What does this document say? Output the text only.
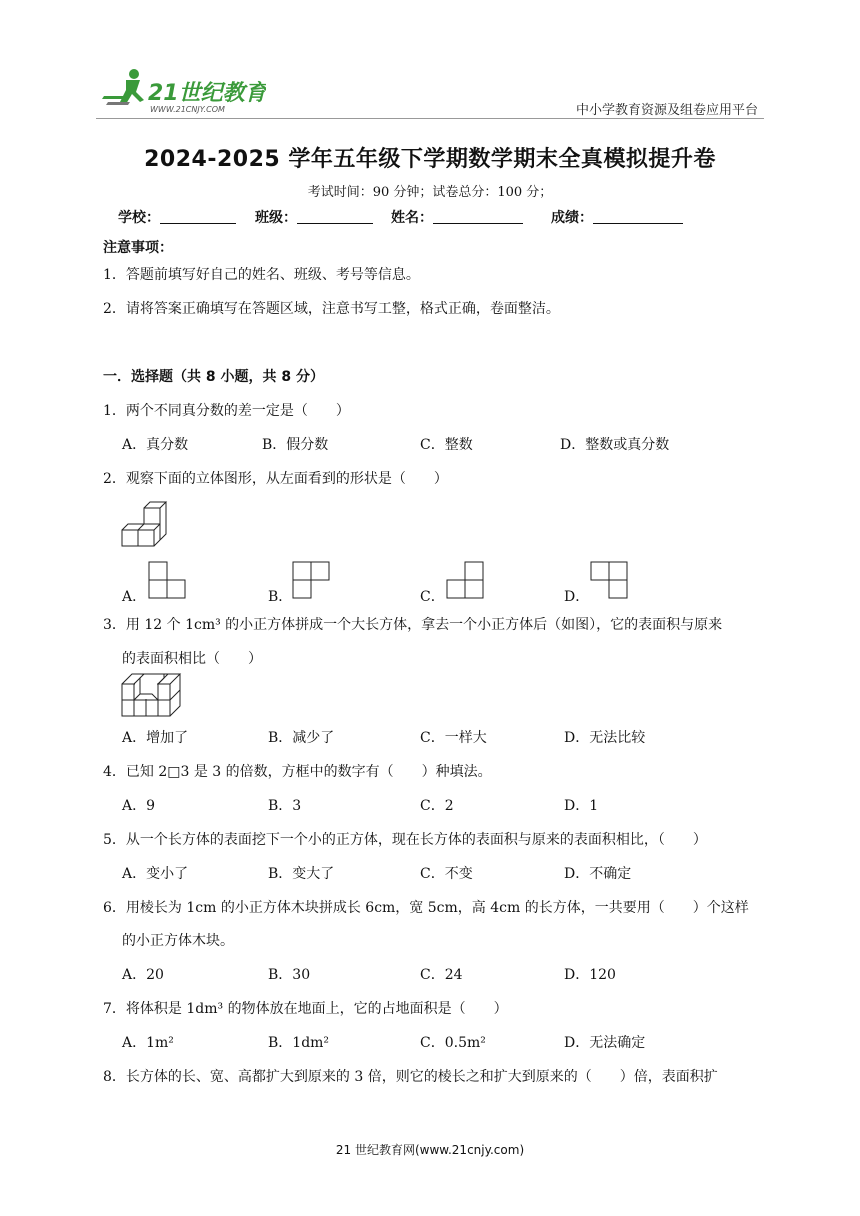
21世纪教育
WWW.21CNJY.COM	中小学教育资源及组卷应用平台
2024-2025 学年五年级下学期数学期末全真模拟提升卷
考试时间：90 分钟；试卷总分：100 分；
学校：	班级：	姓名：	成绩：
注意事项：
1．答题前填写好自己的姓名、班级、考号等信息。
2．请将答案正确填写在答题区域，注意书写工整，格式正确，卷面整洁。
一．选择题（共 8 小题，共 8 分）
1．两个不同真分数的差一定是（　　）
A．真分数	B．假分数	C．整数	D．整数或真分数
2．观察下面的立体图形，从左面看到的形状是（　　）
A．	B．	C．	D．
3．用 12 个 1cm³ 的小正方体拼成一个大长方体，拿去一个小正方体后（如图），它的表面积与原来
的表面积相比（　　）
A．增加了	B．减少了	C．一样大	D．无法比较
4．已知 2□3 是 3 的倍数，方框中的数字有（　　）种填法。
A．9	B．3	C．2	D．1
5．从一个长方体的表面挖下一个小的正方体，现在长方体的表面积与原来的表面积相比，（　　）
A．变小了	B．变大了	C．不变	D．不确定
6．用棱长为 1cm 的小正方体木块拼成长 6cm，宽 5cm，高 4cm 的长方体，一共要用（　　）个这样
的小正方体木块。
A．20	B．30	C．24	D．120
7．将体积是 1dm³ 的物体放在地面上，它的占地面积是（　　）
A．1m²	B．1dm²	C．0.5m²	D．无法确定
8．长方体的长、宽、高都扩大到原来的 3 倍，则它的棱长之和扩大到原来的（　　）倍，表面积扩
21 世纪教育网(www.21cnjy.com)
